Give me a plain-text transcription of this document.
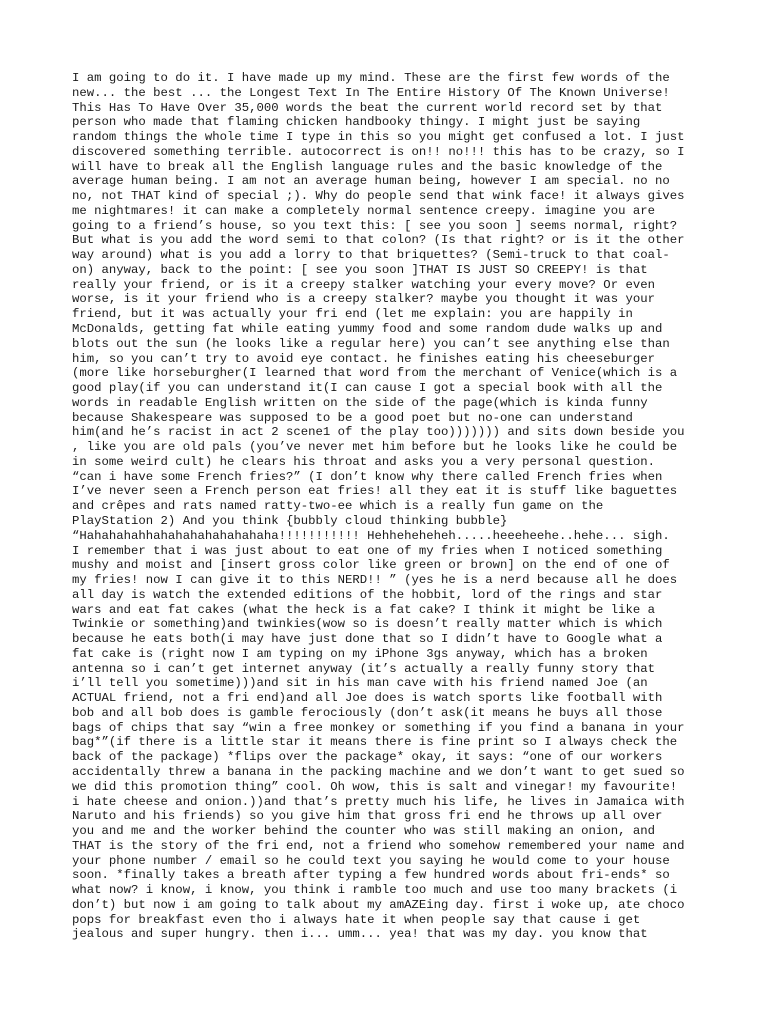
I am going to do it. I have made up my mind. These are the first few words of the
new... the best ... the Longest Text In The Entire History Of The Known Universe!
This Has To Have Over 35,000 words the beat the current world record set by that
person who made that flaming chicken handbooky thingy. I might just be saying
random things the whole time I type in this so you might get confused a lot. I just
discovered something terrible. autocorrect is on!! no!!! this has to be crazy, so I
will have to break all the English language rules and the basic knowledge of the
average human being. I am not an average human being, however I am special. no no
no, not THAT kind of special ;). Why do people send that wink face! it always gives
me nightmares! it can make a completely normal sentence creepy. imagine you are
going to a friend’s house, so you text this: [ see you soon ] seems normal, right?
But what is you add the word semi to that colon? (Is that right? or is it the other
way around) what is you add a lorry to that briquettes? (Semi-truck to that coal-
on) anyway, back to the point: [ see you soon ]THAT IS JUST SO CREEPY! is that
really your friend, or is it a creepy stalker watching your every move? Or even
worse, is it your friend who is a creepy stalker? maybe you thought it was your
friend, but it was actually your fri end (let me explain: you are happily in
McDonalds, getting fat while eating yummy food and some random dude walks up and
blots out the sun (he looks like a regular here) you can’t see anything else than
him, so you can’t try to avoid eye contact. he finishes eating his cheeseburger
(more like horseburgher(I learned that word from the merchant of Venice(which is a
good play(if you can understand it(I can cause I got a special book with all the
words in readable English written on the side of the page(which is kinda funny
because Shakespeare was supposed to be a good poet but no-one can understand
him(and he’s racist in act 2 scene1 of the play too))))))) and sits down beside you
, like you are old pals (you’ve never met him before but he looks like he could be
in some weird cult) he clears his throat and asks you a very personal question.
“can i have some French fries?” (I don’t know why there called French fries when
I’ve never seen a French person eat fries! all they eat it is stuff like baguettes
and crêpes and rats named ratty-two-ee which is a really fun game on the
PlayStation 2) And you think {bubbly cloud thinking bubble}
“Hahahahahhahahahahahahahaha!!!!!!!!!!! Hehheheheheh.....heeeheehe..hehe... sigh.
I remember that i was just about to eat one of my fries when I noticed something
mushy and moist and [insert gross color like green or brown] on the end of one of
my fries! now I can give it to this NERD!! ” (yes he is a nerd because all he does
all day is watch the extended editions of the hobbit, lord of the rings and star
wars and eat fat cakes (what the heck is a fat cake? I think it might be like a
Twinkie or something)and twinkies(wow so is doesn’t really matter which is which
because he eats both(i may have just done that so I didn’t have to Google what a
fat cake is (right now I am typing on my iPhone 3gs anyway, which has a broken
antenna so i can’t get internet anyway (it’s actually a really funny story that
i’ll tell you sometime)))and sit in his man cave with his friend named Joe (an
ACTUAL friend, not a fri end)and all Joe does is watch sports like football with
bob and all bob does is gamble ferociously (don’t ask(it means he buys all those
bags of chips that say “win a free monkey or something if you find a banana in your
bag*”(if there is a little star it means there is fine print so I always check the
back of the package) *flips over the package* okay, it says: “one of our workers
accidentally threw a banana in the packing machine and we don’t want to get sued so
we did this promotion thing” cool. Oh wow, this is salt and vinegar! my favourite!
i hate cheese and onion.))and that’s pretty much his life, he lives in Jamaica with
Naruto and his friends) so you give him that gross fri end he throws up all over
you and me and the worker behind the counter who was still making an onion, and
THAT is the story of the fri end, not a friend who somehow remembered your name and
your phone number / email so he could text you saying he would come to your house
soon. *finally takes a breath after typing a few hundred words about fri-ends* so
what now? i know, i know, you think i ramble too much and use too many brackets (i
don’t) but now i am going to talk about my amAZEing day. first i woke up, ate choco
pops for breakfast even tho i always hate it when people say that cause i get
jealous and super hungry. then i... umm... yea! that was my day. you know that
